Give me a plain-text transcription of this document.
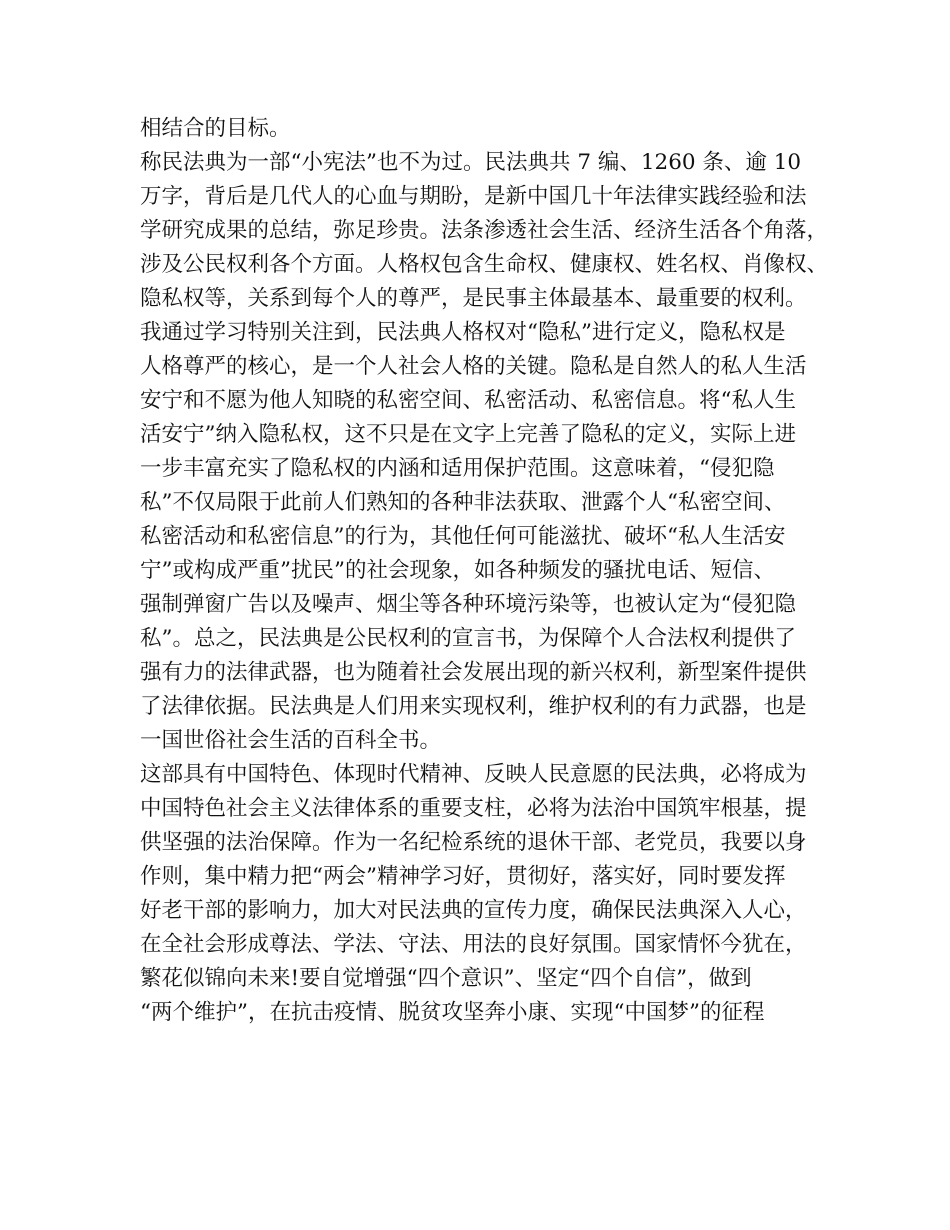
相结合的目标。
称民法典为一部“小宪法”也不为过。民法典共 7 编、1260 条、逾 10
万字，背后是几代人的心血与期盼，是新中国几十年法律实践经验和法
学研究成果的总结，弥足珍贵。法条渗透社会生活、经济生活各个角落，
涉及公民权利各个方面。人格权包含生命权、健康权、姓名权、肖像权、
隐私权等，关系到每个人的尊严，是民事主体最基本、最重要的权利。
我通过学习特别关注到，民法典人格权对“隐私”进行定义，隐私权是
人格尊严的核心，是一个人社会人格的关键。隐私是自然人的私人生活
安宁和不愿为他人知晓的私密空间、私密活动、私密信息。将“私人生
活安宁”纳入隐私权，这不只是在文字上完善了隐私的定义，实际上进
一步丰富充实了隐私权的内涵和适用保护范围。这意味着，“侵犯隐
私”不仅局限于此前人们熟知的各种非法获取、泄露个人“私密空间、
私密活动和私密信息”的行为，其他任何可能滋扰、破坏“私人生活安
宁”或构成严重”扰民”的社会现象，如各种频发的骚扰电话、短信、
强制弹窗广告以及噪声、烟尘等各种环境污染等，也被认定为“侵犯隐
私”。总之，民法典是公民权利的宣言书，为保障个人合法权利提供了
强有力的法律武器，也为随着社会发展出现的新兴权利，新型案件提供
了法律依据。民法典是人们用来实现权利，维护权利的有力武器，也是
一国世俗社会生活的百科全书。
这部具有中国特色、体现时代精神、反映人民意愿的民法典，必将成为
中国特色社会主义法律体系的重要支柱，必将为法治中国筑牢根基，提
供坚强的法治保障。作为一名纪检系统的退休干部、老党员，我要以身
作则，集中精力把“两会”精神学习好，贯彻好，落实好，同时要发挥
好老干部的影响力，加大对民法典的宣传力度，确保民法典深入人心，
在全社会形成尊法、学法、守法、用法的良好氛围。国家情怀今犹在，
繁花似锦向未来!要自觉增强“四个意识”、坚定“四个自信”，做到
“两个维护”，在抗击疫情、脱贫攻坚奔小康、实现“中国梦”的征程
